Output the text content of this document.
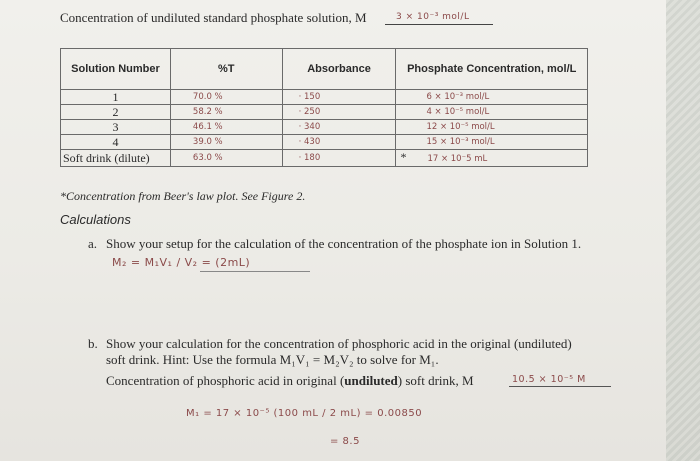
Concentration of undiluted standard phosphate solution, M	3 × 10⁻³ mol/L
Solution Number	%T	Absorbance	Phosphate Concentration, mol/L
1	70.0 %	· 150	6 × 10⁻³ mol/L
2	58.2 %	· 250	4 × 10⁻⁵ mol/L
3	46.1 %	· 340	12 × 10⁻⁵ mol/L
4	39.0 %	· 430	15 × 10⁻³ mol/L
Soft drink (dilute)	63.0 %	· 180	* 17 × 10⁻5 mL
*Concentration from Beer's law plot. See Figure 2.
Calculations
a. Show your setup for the calculation of the concentration of the phosphate ion in Solution 1.
M₂ = M₁V₁ / V₂ = (2mL)
b. Show your calculation for the concentration of phosphoric acid in the original (undiluted)
soft drink. Hint: Use the formula M₁V₁ = M₂V₂ to solve for M₁.
Concentration of phosphoric acid in original (undiluted) soft drink, M	10.5 × 10⁻⁵ M
M₁ = 17 × 10⁻⁵ (100 mL / 2 mL) = 0.00850
= 8.5
